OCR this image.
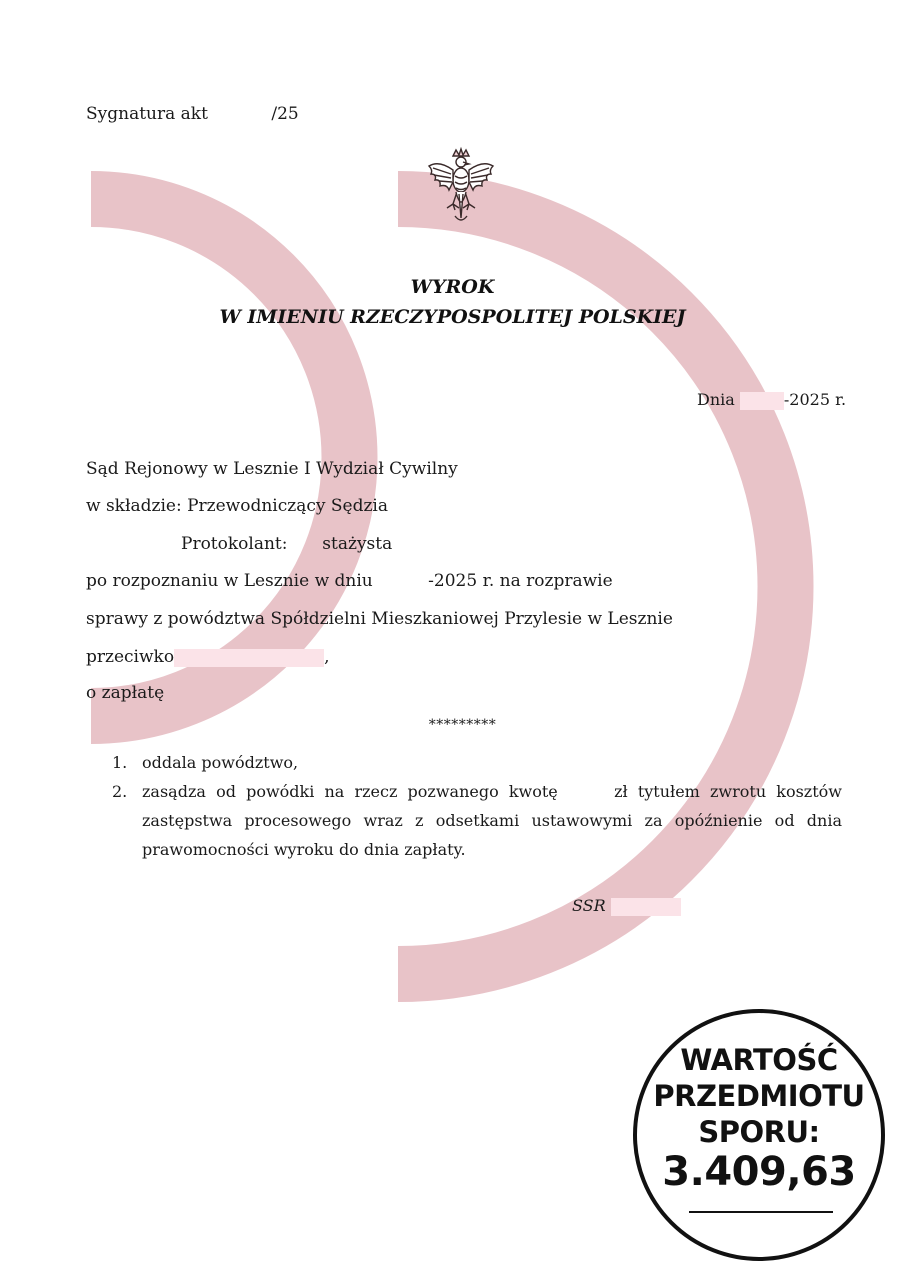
Sygnatura akt	/25
WYROK
W IMIENIU RZECZYPOSPOLITEJ POLSKIEJ
Dnia	-2025 r.
Sąd Rejonowy w Lesznie I Wydział Cywilny
w składzie: Przewodniczący Sędzia
Protokolant: stażysta
po rozpoznaniu w Lesznie w dniu	-2025 r. na rozprawie
sprawy z powództwa Spółdzielni Mieszkaniowej Przylesie w Lesznie
przeciwko	,
o zapłatę
*********
1. oddala powództwo,
2. zasądza od powódki na rzecz pozwanego kwotę	zł tytułem zwrotu kosztów zastępstwa procesowego wraz z odsetkami ustawowymi za opóźnienie od dnia prawomocności wyroku do dnia zapłaty.
SSR
WARTOŚĆ
PRZEDMIOTU
SPORU:
3.409,63
